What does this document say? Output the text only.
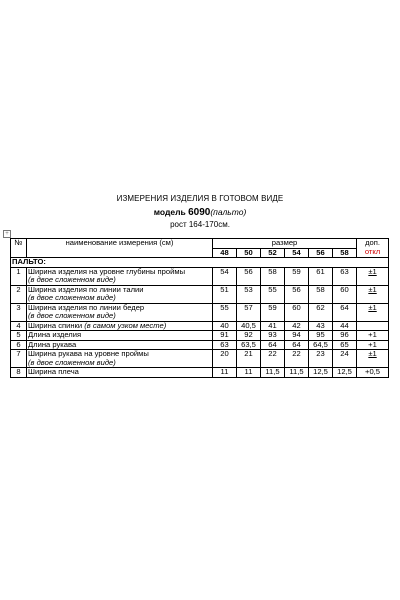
+
ИЗМЕРЕНИЯ ИЗДЕЛИЯ В ГОТОВОМ ВИДЕ
модель 6090(пальто)
рост 164-170см.
№	наименование измерения (см)	размер						доп.
откл
		48	50	52	54	56	58	
ПАЛЬТО:								
1	Ширина изделия на уровне глубины проймы
(в двое сложенном виде)	54	56	58	59	61	63	±1
2	Ширина изделия по линии талии
(в двое сложенном виде)	51	53	55	56	58	60	±1
3	Ширина изделия по линии бедер
(в двое сложенном виде)	55	57	59	60	62	64	±1
4	Ширина спинки (в самом узком месте)	40	40,5	41	42	43	44	
5	Длина изделия	91	92	93	94	95	96	+1
6	Длина рукава	63	63,5	64	64	64,5	65	+1
7	Ширина рукава на уровне проймы
(в двое сложенном виде)	20	21	22	22	23	24	±1
8	Ширина плеча	11	11	11,5	11,5	12,5	12,5	+0,5
